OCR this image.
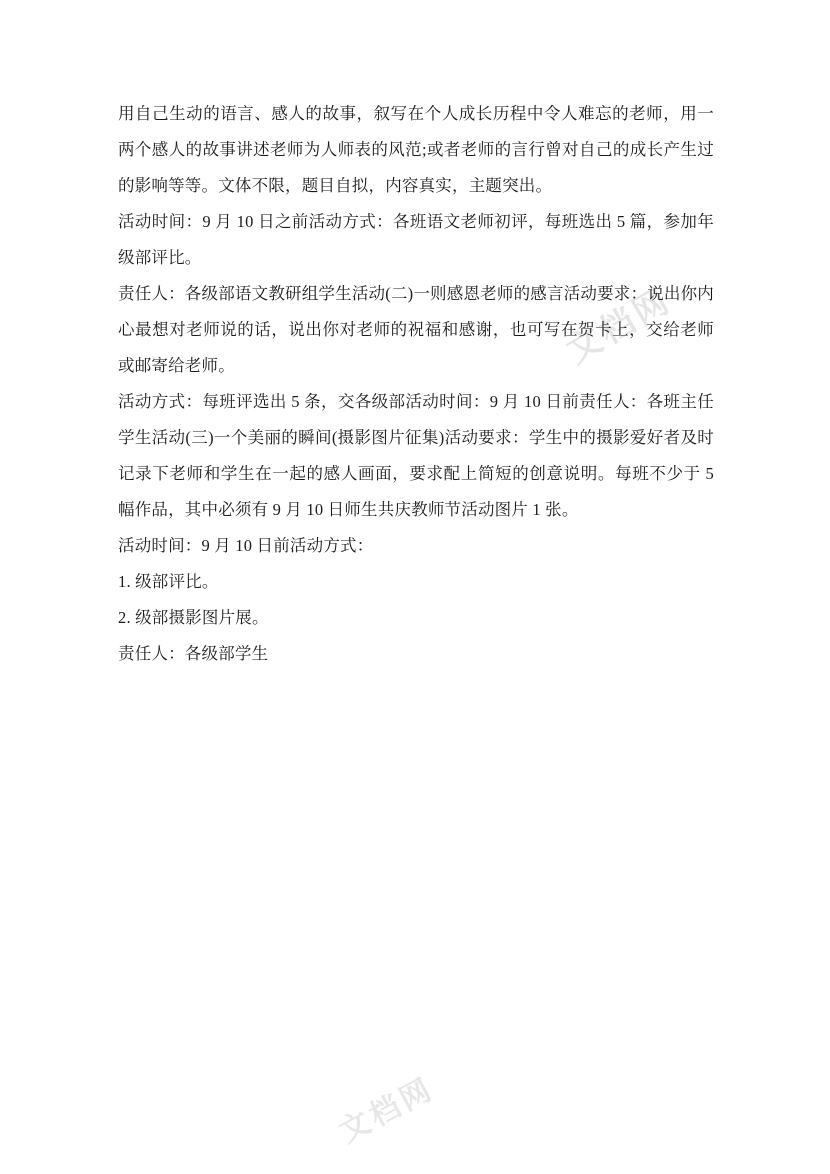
文档网

用自己生动的语言、感人的故事，叙写在个人成长历程中令人难忘的老师，用一两个感人的故事讲述老师为人师表的风范;或者老师的言行曾对自己的成长产生过的影响等等。文体不限，题目自拟，内容真实，主题突出。

活动时间：9 月 10 日之前活动方式：各班语文老师初评，每班选出 5 篇，参加年级部评比。

责任人：各级部语文教研组学生活动(二)一则感恩老师的感言活动要求：说出你内心最想对老师说的话，说出你对老师的祝福和感谢，也可写在贺卡上，交给老师或邮寄给老师。

活动方式：每班评选出 5 条，交各级部活动时间：9 月 10 日前责任人：各班主任学生活动(三)一个美丽的瞬间(摄影图片征集)活动要求：学生中的摄影爱好者及时记录下老师和学生在一起的感人画面，要求配上简短的创意说明。每班不少于 5 幅作品，其中必须有 9 月 10 日师生共庆教师节活动图片 1 张。

活动时间：9 月 10 日前活动方式：

1. 级部评比。

2. 级部摄影图片展。

责任人：各级部学生

文档网
